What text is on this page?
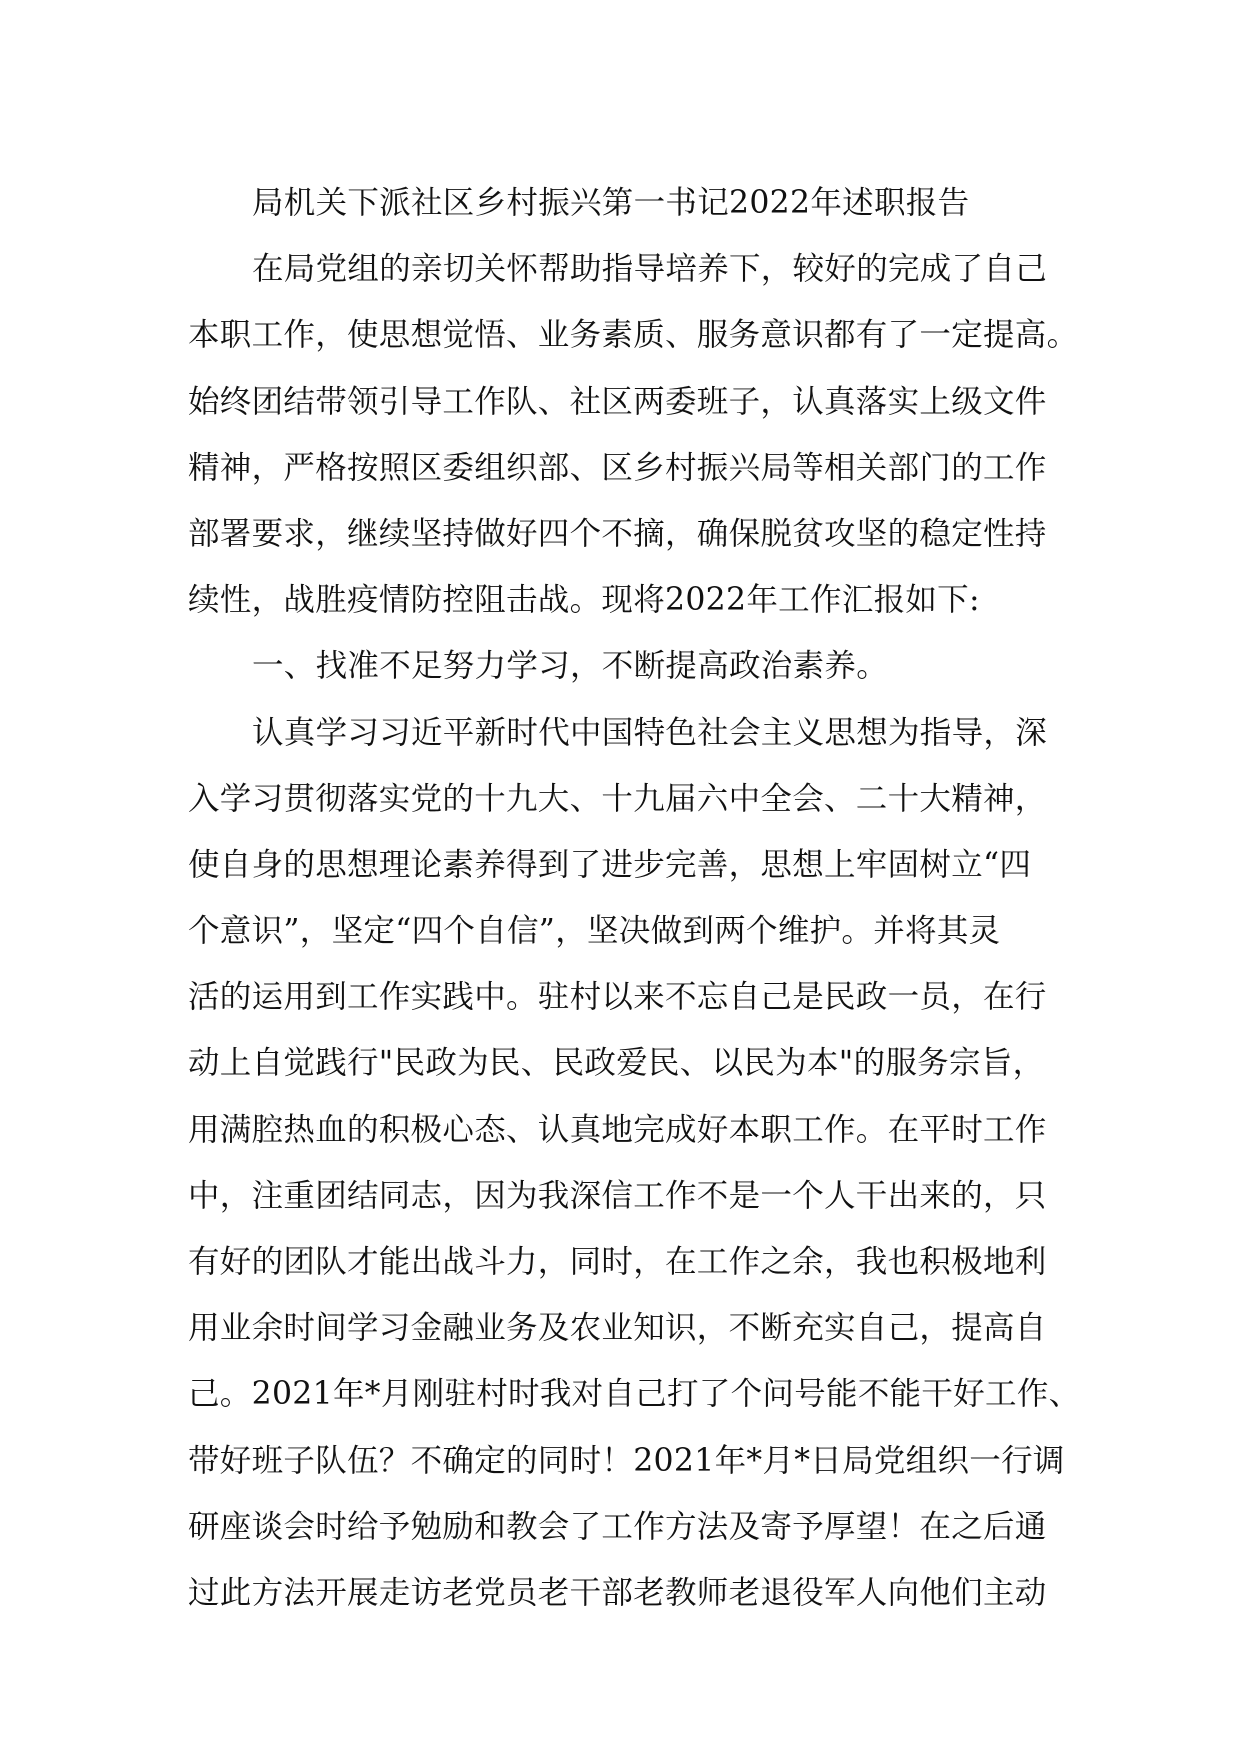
局机关下派社区乡村振兴第一书记2022年述职报告
在局党组的亲切关怀帮助指导培养下，较好的完成了自己
本职工作，使思想觉悟、业务素质、服务意识都有了一定提高。
始终团结带领引导工作队、社区两委班子，认真落实上级文件
精神，严格按照区委组织部、区乡村振兴局等相关部门的工作
部署要求，继续坚持做好四个不摘，确保脱贫攻坚的稳定性持
续性，战胜疫情防控阻击战。现将2022年工作汇报如下:
一、找准不足努力学习，不断提高政治素养。
认真学习习近平新时代中国特色社会主义思想为指导，深
入学习贯彻落实党的十九大、十九届六中全会、二十大精神，
使自身的思想理论素养得到了进步完善，思想上牢固树立“四
个意识”，坚定“四个自信”，坚决做到两个维护。并将其灵
活的运用到工作实践中。驻村以来不忘自己是民政一员，在行
动上自觉践行"民政为民、民政爱民、以民为本"的服务宗旨，
用满腔热血的积极心态、认真地完成好本职工作。在平时工作
中，注重团结同志，因为我深信工作不是一个人干出来的，只
有好的团队才能出战斗力，同时，在工作之余，我也积极地利
用业余时间学习金融业务及农业知识，不断充实自己，提高自
己。2021年*月刚驻村时我对自己打了个问号能不能干好工作、
带好班子队伍？不确定的同时！2021年*月*日局党组织一行调
研座谈会时给予勉励和教会了工作方法及寄予厚望！在之后通
过此方法开展走访老党员老干部老教师老退役军人向他们主动
